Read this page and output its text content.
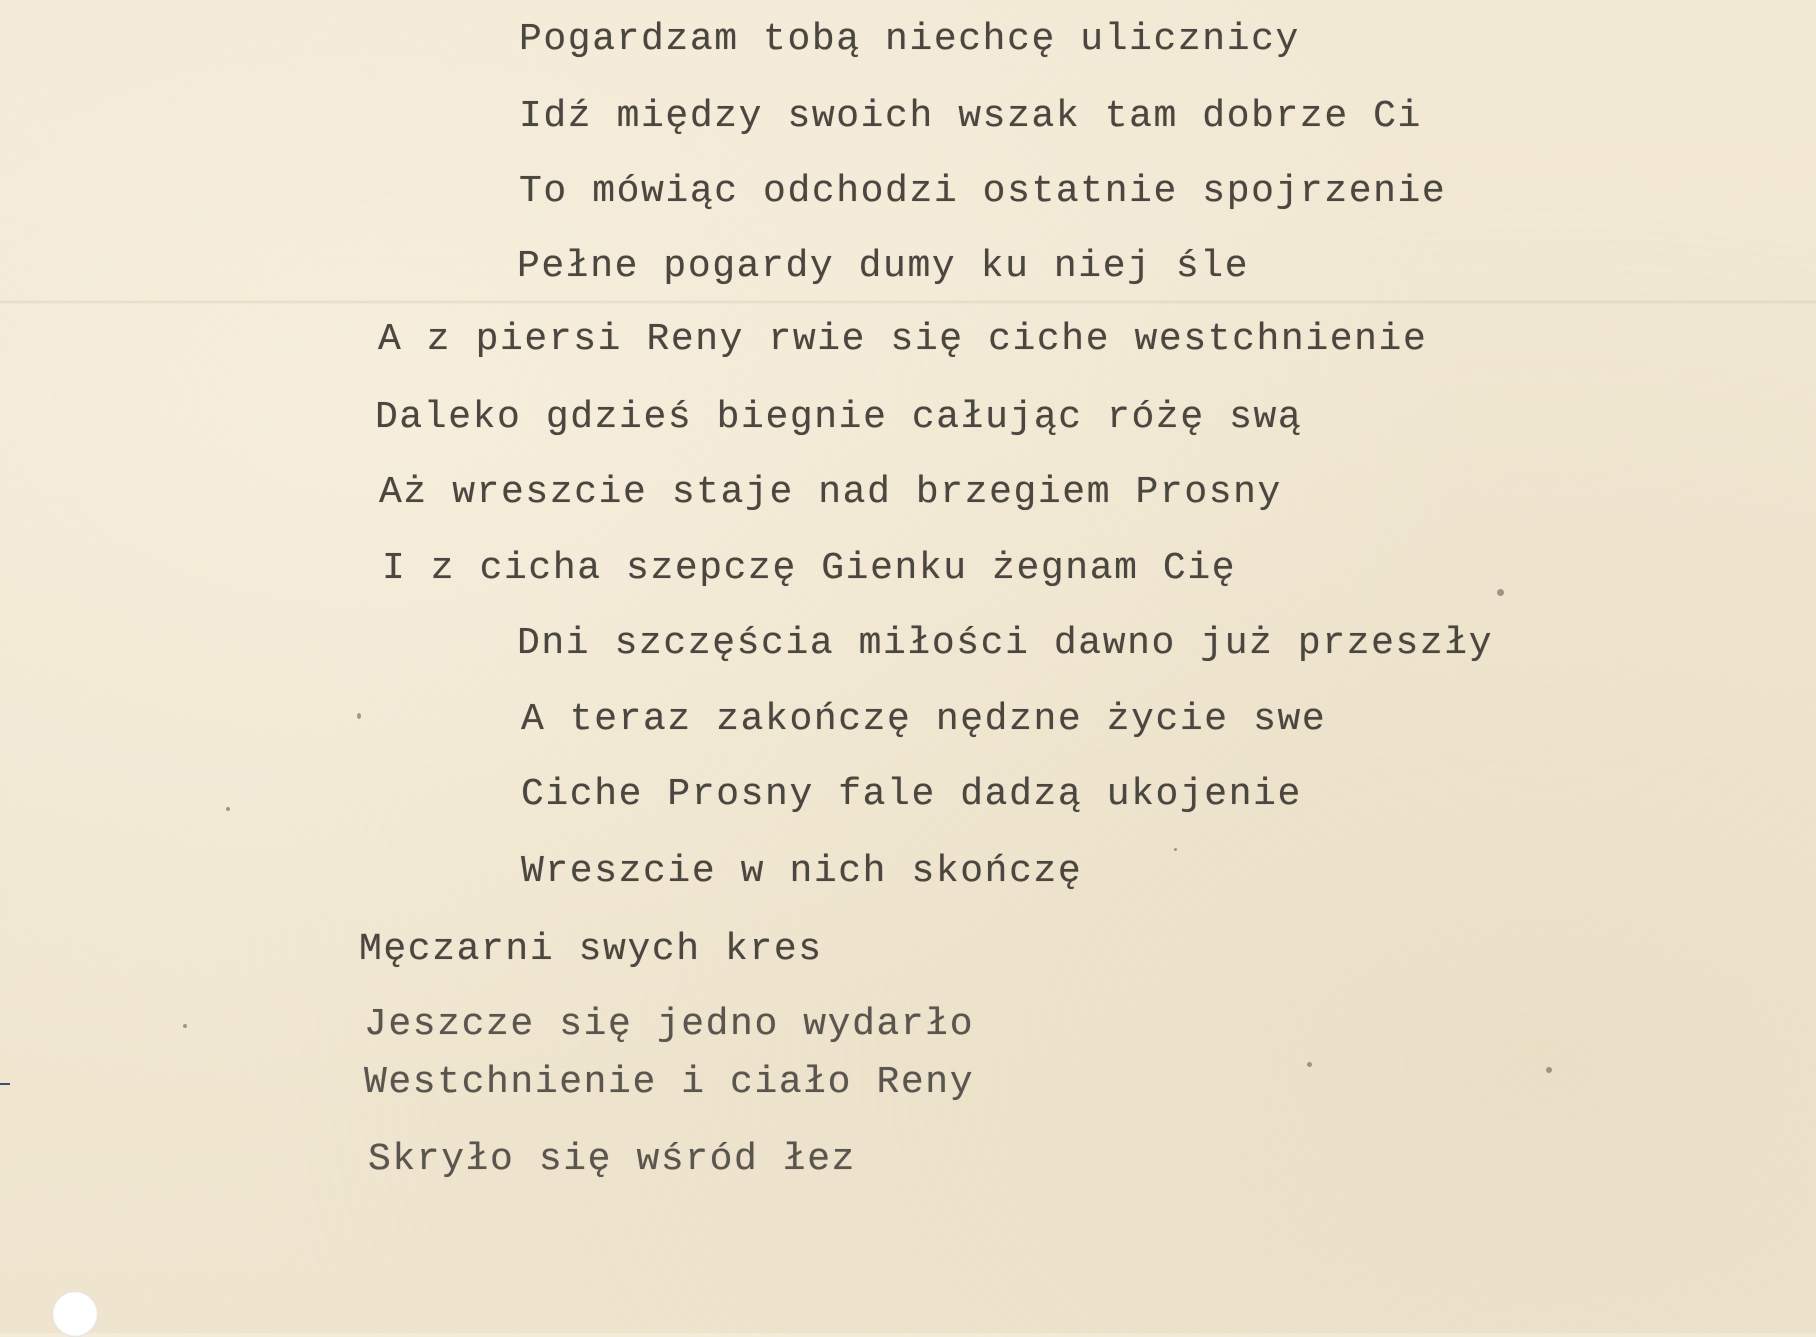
Pogardzam tobą niechcę ulicznicy
Idź między swoich wszak tam dobrze Ci
To mówiąc odchodzi ostatnie spojrzenie
Pełne pogardy dumy ku niej śle
A z piersi Reny rwie się ciche westchnienie
Daleko gdzieś biegnie całując różę swą
Aż wreszcie staje nad brzegiem Prosny
I z cicha szepczę Gienku żegnam Cię
Dni szczęścia miłości dawno już przeszły
A teraz zakończę nędzne życie swe
Ciche Prosny fale dadzą ukojenie
Wreszcie w nich skończę
Męczarni swych kres
Jeszcze się jedno wydarło
Westchnienie i ciało Reny
Skryło się wśród łez
